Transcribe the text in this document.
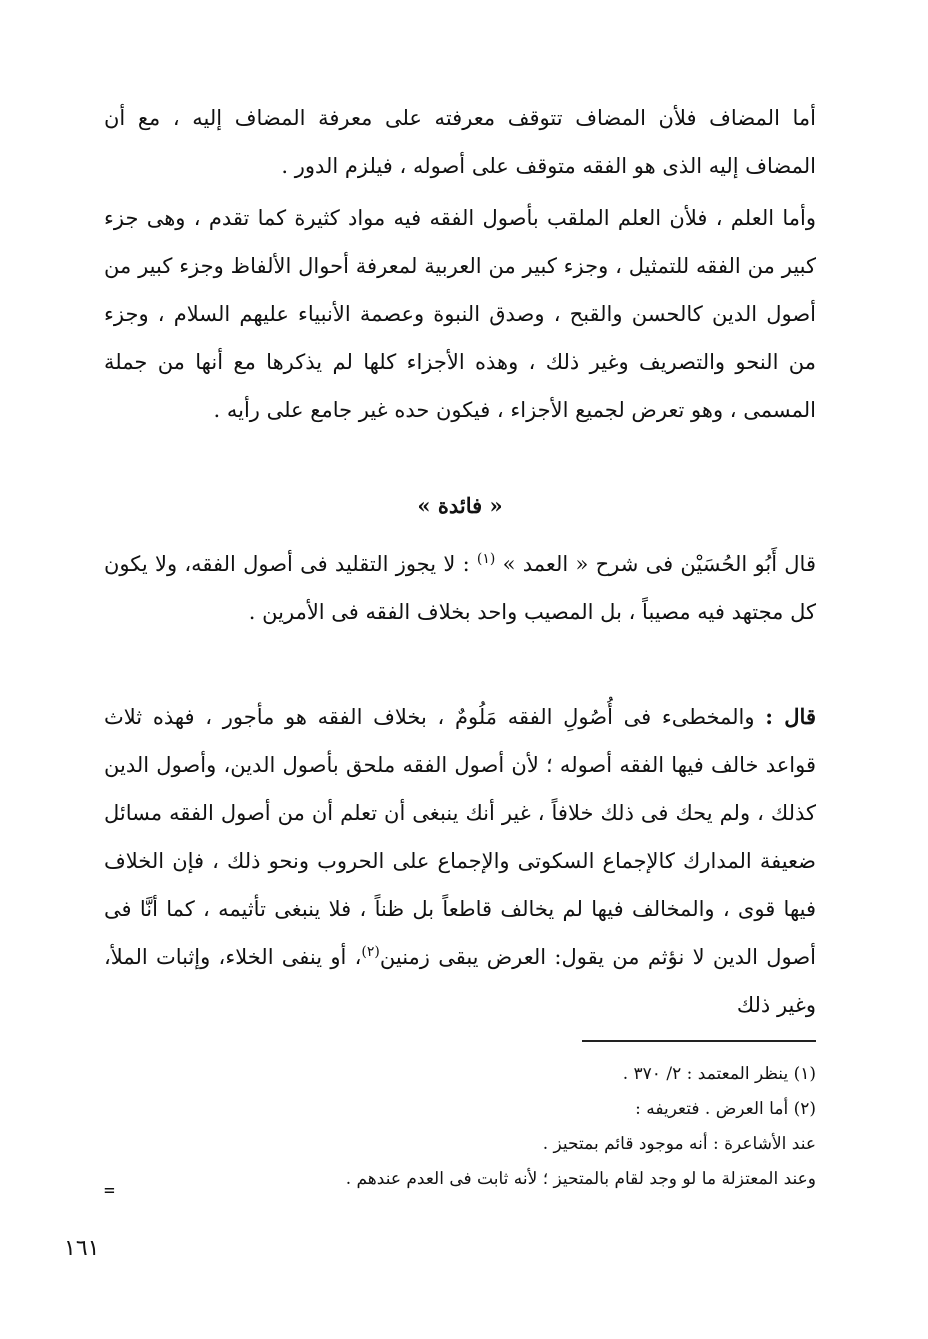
أما المضاف فلأن المضاف تتوقف معرفته على معرفة المضاف إليه ، مع أن المضاف إليه الذى هو الفقه متوقف على أصوله ، فيلزم الدور .
وأما العلم ، فلأن العلم الملقب بأصول الفقه فيه مواد كثيرة كما تقدم ، وهى جزء كبير من الفقه للتمثيل ، وجزء كبير من العربية لمعرفة أحوال الألفاظ وجزء كبير من أصول الدين كالحسن والقبح ، وصدق النبوة وعصمة الأنبياء عليهم السلام ، وجزء من النحو والتصريف وغير ذلك ، وهذه الأجزاء كلها لم يذكرها مع أنها من جملة المسمى ، وهو تعرض لجميع الأجزاء ، فيكون حده غير جامع على رأيه .
« فائدة »
قال أَبُو الحُسَيْن فى شرح « العمد » $^{(١)}$ : لا يجوز التقليد فى أصول الفقه، ولا يكون كل مجتهد فيه مصيباً ، بل المصيب واحد بخلاف الفقه فى الأمرين .
قال : والمخطىء فى أُصُولِ الفقه مَلُومٌ ، بخلاف الفقه هو مأجور ، فهذه ثلاث قواعد خالف فيها الفقه أصوله ؛ لأن أصول الفقه ملحق بأصول الدين، وأصول الدين كذلك ، ولم يحك فى ذلك خلافاً ، غير أنك ينبغى أن تعلم أن من أصول الفقه مسائل ضعيفة المدارك كالإجماع السكوتى والإجماع على الحروب ونحو ذلك ، فإن الخلاف فيها قوى ، والمخالف فيها لم يخالف قاطعاً بل ظناً ، فلا ينبغى تأثيمه ، كما أنَّا فى أصول الدين لا نؤثم من يقول: العرض يبقى زمنين$^{(٢)}$، أو ينفى الخلاء، وإثبات الملأ، وغير ذلك
(١) ينظر المعتمد : ٢/ ٣٧٠ .
(٢) أما العرض . فتعريفه :
عند الأشاعرة : أنه موجود قائم بمتحيز .
وعند المعتزلة ما لو وجد لقام بالمتحيز ؛ لأنه ثابت فى العدم عندهم .
=
١٦١
